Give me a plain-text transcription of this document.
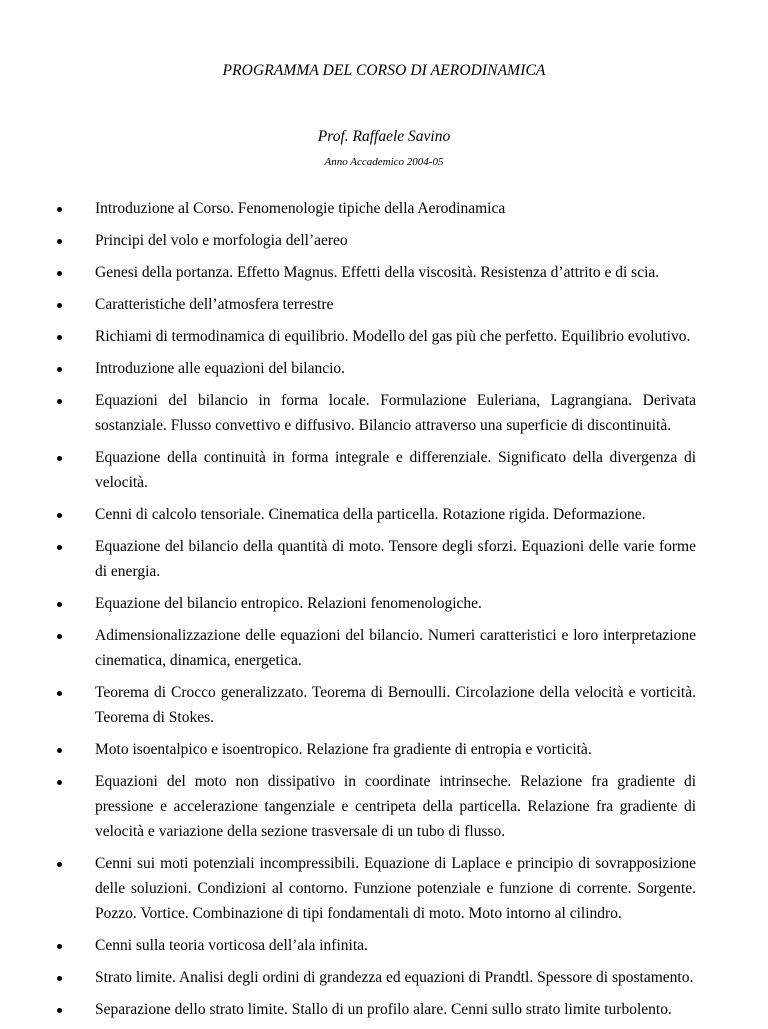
PROGRAMMA DEL CORSO DI AERODINAMICA
Prof. Raffaele Savino
Anno Accademico 2004-05
Introduzione al Corso. Fenomenologie tipiche della Aerodinamica
Principi del volo e morfologia dell’aereo
Genesi della portanza. Effetto Magnus. Effetti della viscosità. Resistenza d’attrito e di scia.
Caratteristiche dell’atmosfera terrestre
Richiami di termodinamica di equilibrio. Modello del gas più che perfetto. Equilibrio evolutivo.
Introduzione alle equazioni del bilancio.
Equazioni del bilancio in forma locale. Formulazione Euleriana, Lagrangiana. Derivata sostanziale. Flusso convettivo e diffusivo. Bilancio attraverso una superficie di discontinuità.
Equazione della continuità in forma integrale e differenziale. Significato della divergenza di velocità.
Cenni di calcolo tensoriale. Cinematica della particella. Rotazione rigida. Deformazione.
Equazione del bilancio della quantità di moto. Tensore degli sforzi. Equazioni delle varie forme di energia.
Equazione del bilancio entropico. Relazioni fenomenologiche.
Adimensionalizzazione delle equazioni del bilancio. Numeri caratteristici e loro interpretazione cinematica, dinamica, energetica.
Teorema di Crocco generalizzato. Teorema di Bernoulli. Circolazione della velocità e vorticità. Teorema di Stokes.
Moto isoentalpico e isoentropico. Relazione fra gradiente di entropia e vorticità.
Equazioni del moto non dissipativo in coordinate intrinseche. Relazione fra gradiente di pressione e accelerazione tangenziale e centripeta della particella. Relazione fra gradiente di velocità e variazione della sezione trasversale di un tubo di flusso.
Cenni sui moti potenziali incompressibili. Equazione di Laplace e principio di sovrapposizione delle soluzioni. Condizioni al contorno. Funzione potenziale e funzione di corrente. Sorgente. Pozzo. Vortice. Combinazione di tipi fondamentali di moto. Moto intorno al cilindro.
Cenni sulla teoria vorticosa dell’ala infinita.
Strato limite. Analisi degli ordini di grandezza ed equazioni di Prandtl. Spessore di spostamento.
Separazione dello strato limite. Stallo di un profilo alare. Cenni sullo strato limite turbolento.
